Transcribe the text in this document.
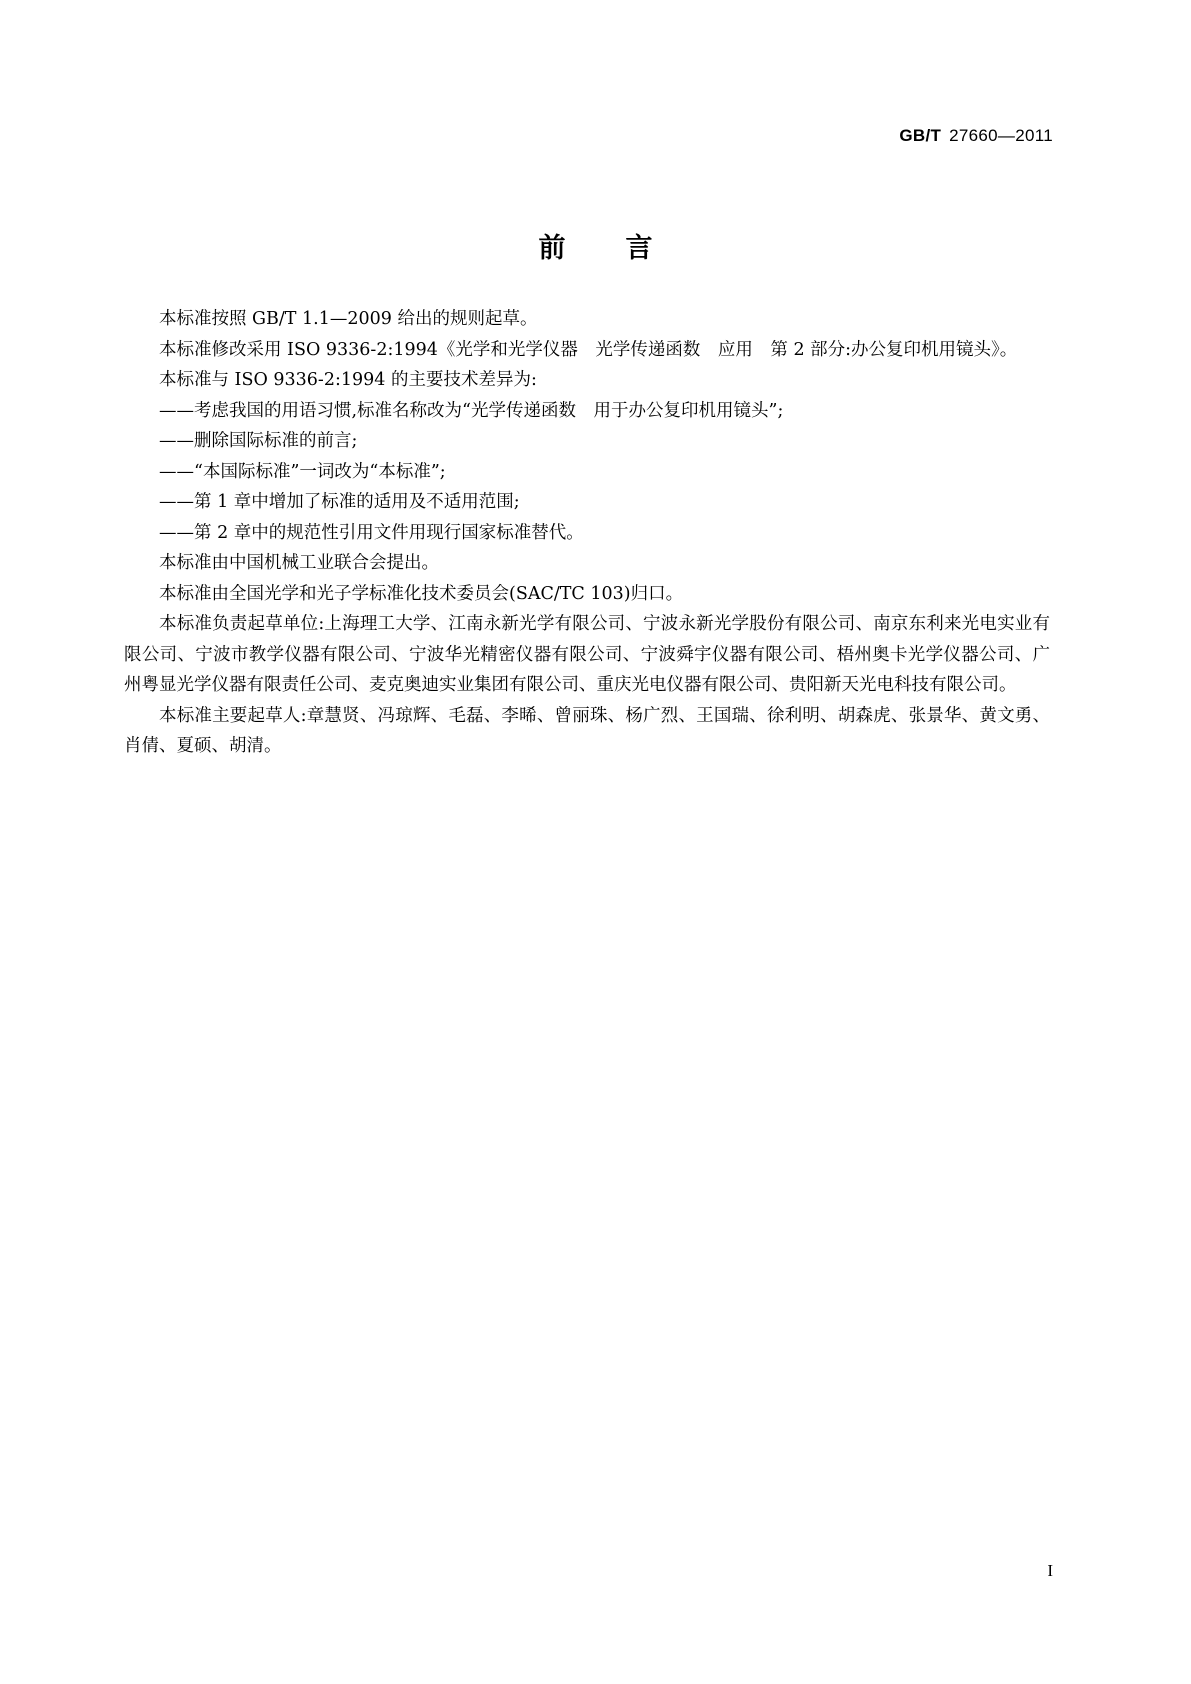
GB/T 27660—2011
前言

本标准按照 GB/T 1.1—2009 给出的规则起草。

本标准修改采用 ISO 9336-2:1994《光学和光学仪器　光学传递函数　应用　第 2 部分:办公复印机用镜头》。

本标准与 ISO 9336-2:1994 的主要技术差异为:

——考虑我国的用语习惯,标准名称改为“光学传递函数　用于办公复印机用镜头”;

——删除国际标准的前言;

——“本国际标准”一词改为“本标准”;

——第 1 章中增加了标准的适用及不适用范围;

——第 2 章中的规范性引用文件用现行国家标准替代。

本标准由中国机械工业联合会提出。

本标准由全国光学和光子学标准化技术委员会(SAC/TC 103)归口。

本标准负责起草单位:上海理工大学、江南永新光学有限公司、宁波永新光学股份有限公司、南京东利来光电实业有限公司、宁波市教学仪器有限公司、宁波华光精密仪器有限公司、宁波舜宇仪器有限公司、梧州奥卡光学仪器公司、广州粤显光学仪器有限责任公司、麦克奥迪实业集团有限公司、重庆光电仪器有限公司、贵阳新天光电科技有限公司。

本标准主要起草人:章慧贤、冯琼辉、毛磊、李晞、曾丽珠、杨广烈、王国瑞、徐利明、胡森虎、张景华、黄文勇、肖倩、夏硕、胡清。

I
